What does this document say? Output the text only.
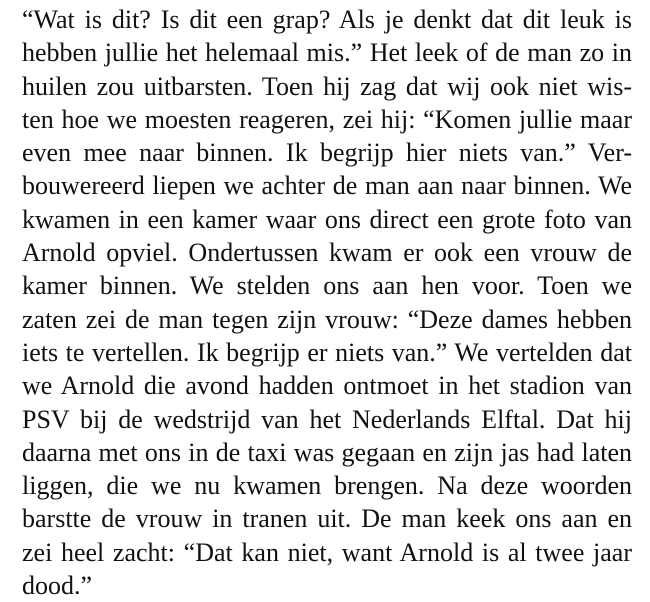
“Wat is dit? Is dit een grap? Als je denkt dat dit leuk is
hebben jullie het helemaal mis.” Het leek of de man zo in
huilen zou uitbarsten. Toen hij zag dat wij ook niet wis-
ten hoe we moesten reageren, zei hij: “Komen jullie maar
even mee naar binnen. Ik begrijp hier niets van.” Ver-
bouwereerd liepen we achter de man aan naar binnen. We
kwamen in een kamer waar ons direct een grote foto van
Arnold opviel. Ondertussen kwam er ook een vrouw de
kamer binnen. We stelden ons aan hen voor. Toen we
zaten zei de man tegen zijn vrouw: “Deze dames hebben
iets te vertellen. Ik begrijp er niets van.” We vertelden dat
we Arnold die avond hadden ontmoet in het stadion van
PSV bij de wedstrijd van het Nederlands Elftal. Dat hij
daarna met ons in de taxi was gegaan en zijn jas had laten
liggen, die we nu kwamen brengen. Na deze woorden
barstte de vrouw in tranen uit. De man keek ons aan en
zei heel zacht: “Dat kan niet, want Arnold is al twee jaar
dood.”
